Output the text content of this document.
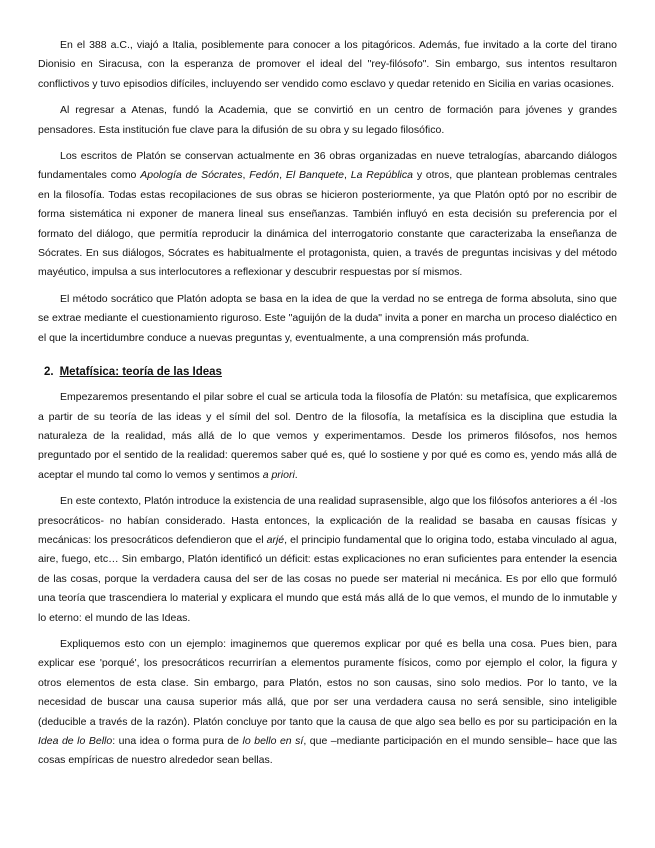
En el 388 a.C., viajó a Italia, posiblemente para conocer a los pitagóricos. Además, fue invitado a la corte del tirano Dionisio en Siracusa, con la esperanza de promover el ideal del "rey-filósofo". Sin embargo, sus intentos resultaron conflictivos y tuvo episodios difíciles, incluyendo ser vendido como esclavo y quedar retenido en Sicilia en varias ocasiones.

Al regresar a Atenas, fundó la Academia, que se convirtió en un centro de formación para jóvenes y grandes pensadores. Esta institución fue clave para la difusión de su obra y su legado filosófico.

Los escritos de Platón se conservan actualmente en 36 obras organizadas en nueve tetralogías, abarcando diálogos fundamentales como Apología de Sócrates, Fedón, El Banquete, La República y otros, que plantean problemas centrales en la filosofía. Todas estas recopilaciones de sus obras se hicieron posteriormente, ya que Platón optó por no escribir de forma sistemática ni exponer de manera lineal sus enseñanzas. También influyó en esta decisión su preferencia por el formato del diálogo, que permitía reproducir la dinámica del interrogatorio constante que caracterizaba la enseñanza de Sócrates. En sus diálogos, Sócrates es habitualmente el protagonista, quien, a través de preguntas incisivas y del método mayéutico, impulsa a sus interlocutores a reflexionar y descubrir respuestas por sí mismos.

El método socrático que Platón adopta se basa en la idea de que la verdad no se entrega de forma absoluta, sino que se extrae mediante el cuestionamiento riguroso. Este "aguijón de la duda" invita a poner en marcha un proceso dialéctico en el que la incertidumbre conduce a nuevas preguntas y, eventualmente, a una comprensión más profunda.

2. Metafísica: teoría de las Ideas

Empezaremos presentando el pilar sobre el cual se articula toda la filosofía de Platón: su metafísica, que explicaremos a partir de su teoría de las ideas y el símil del sol. Dentro de la filosofía, la metafísica es la disciplina que estudia la naturaleza de la realidad, más allá de lo que vemos y experimentamos. Desde los primeros filósofos, nos hemos preguntado por el sentido de la realidad: queremos saber qué es, qué lo sostiene y por qué es como es, yendo más allá de aceptar el mundo tal como lo vemos y sentimos a priori.

En este contexto, Platón introduce la existencia de una realidad suprasensible, algo que los filósofos anteriores a él -los presocráticos- no habían considerado. Hasta entonces, la explicación de la realidad se basaba en causas físicas y mecánicas: los presocráticos defendieron que el arjé, el principio fundamental que lo origina todo, estaba vinculado al agua, aire, fuego, etc… Sin embargo, Platón identificó un déficit: estas explicaciones no eran suficientes para entender la esencia de las cosas, porque la verdadera causa del ser de las cosas no puede ser material ni mecánica. Es por ello que formuló una teoría que trascendiera lo material y explicara el mundo que está más allá de lo que vemos, el mundo de lo inmutable y lo eterno: el mundo de las Ideas.

Expliquemos esto con un ejemplo: imaginemos que queremos explicar por qué es bella una cosa. Pues bien, para explicar ese 'porqué', los presocráticos recurrirían a elementos puramente físicos, como por ejemplo el color, la figura y otros elementos de esta clase. Sin embargo, para Platón, estos no son causas, sino solo medios. Por lo tanto, ve la necesidad de buscar una causa superior más allá, que por ser una verdadera causa no será sensible, sino inteligible (deducible a través de la razón). Platón concluye por tanto que la causa de que algo sea bello es por su participación en la Idea de lo Bello: una idea o forma pura de lo bello en sí, que –mediante participación en el mundo sensible– hace que las cosas empíricas de nuestro alrededor sean bellas.
